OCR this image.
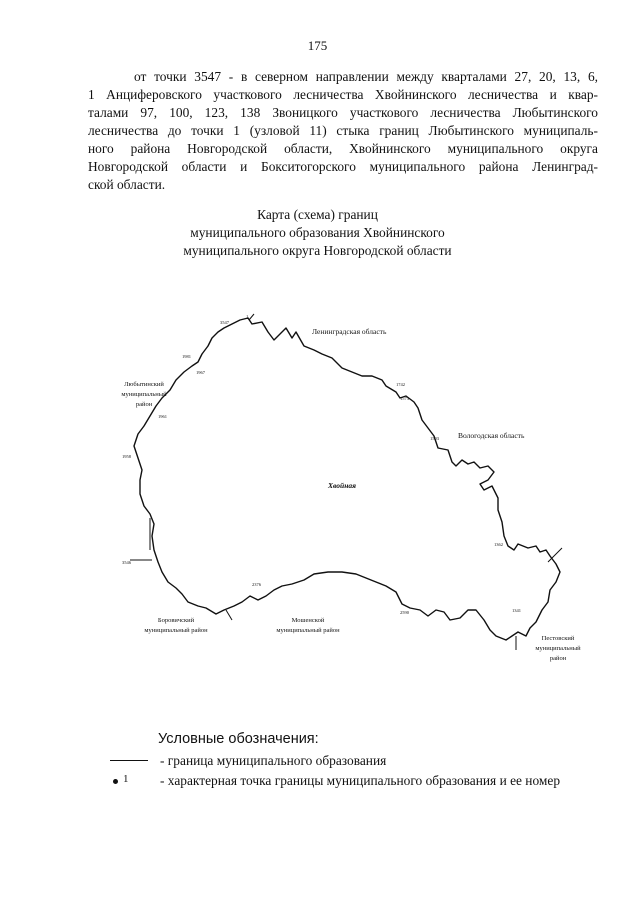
175
от точки 3547 - в северном направлении между кварталами 27, 20, 13, 6,
1 Анциферовского участкового лесничества Хвойнинского лесничества и квар-
талами 97, 100, 123, 138 Звоницкого участкового лесничества Любытинского
лесничества до точки 1 (узловой 11) стыка границ Любытинского муниципаль-
ного района Новгородской области, Хвойнинского муниципального округа
Новгородской области и Бокситогорского муниципального района Ленинград-
ской области.
Карта (схема) границ
муниципального образования Хвойнинского
муниципального округа Новгородской области
Ленинградская область
Вологодская область
Любытинский
муниципальный
район
Боровичский
муниципальный район
Мошенской
муниципальный район
Пестовский
муниципальный
район
Хвойная
1
3547
1981
1967
1961
1958
1742
1573
1503
1362
1341
2590
2376
3546
Условные обозначения:
- граница муниципального образования
1 - характерная точка границы муниципального образования и ее номер
